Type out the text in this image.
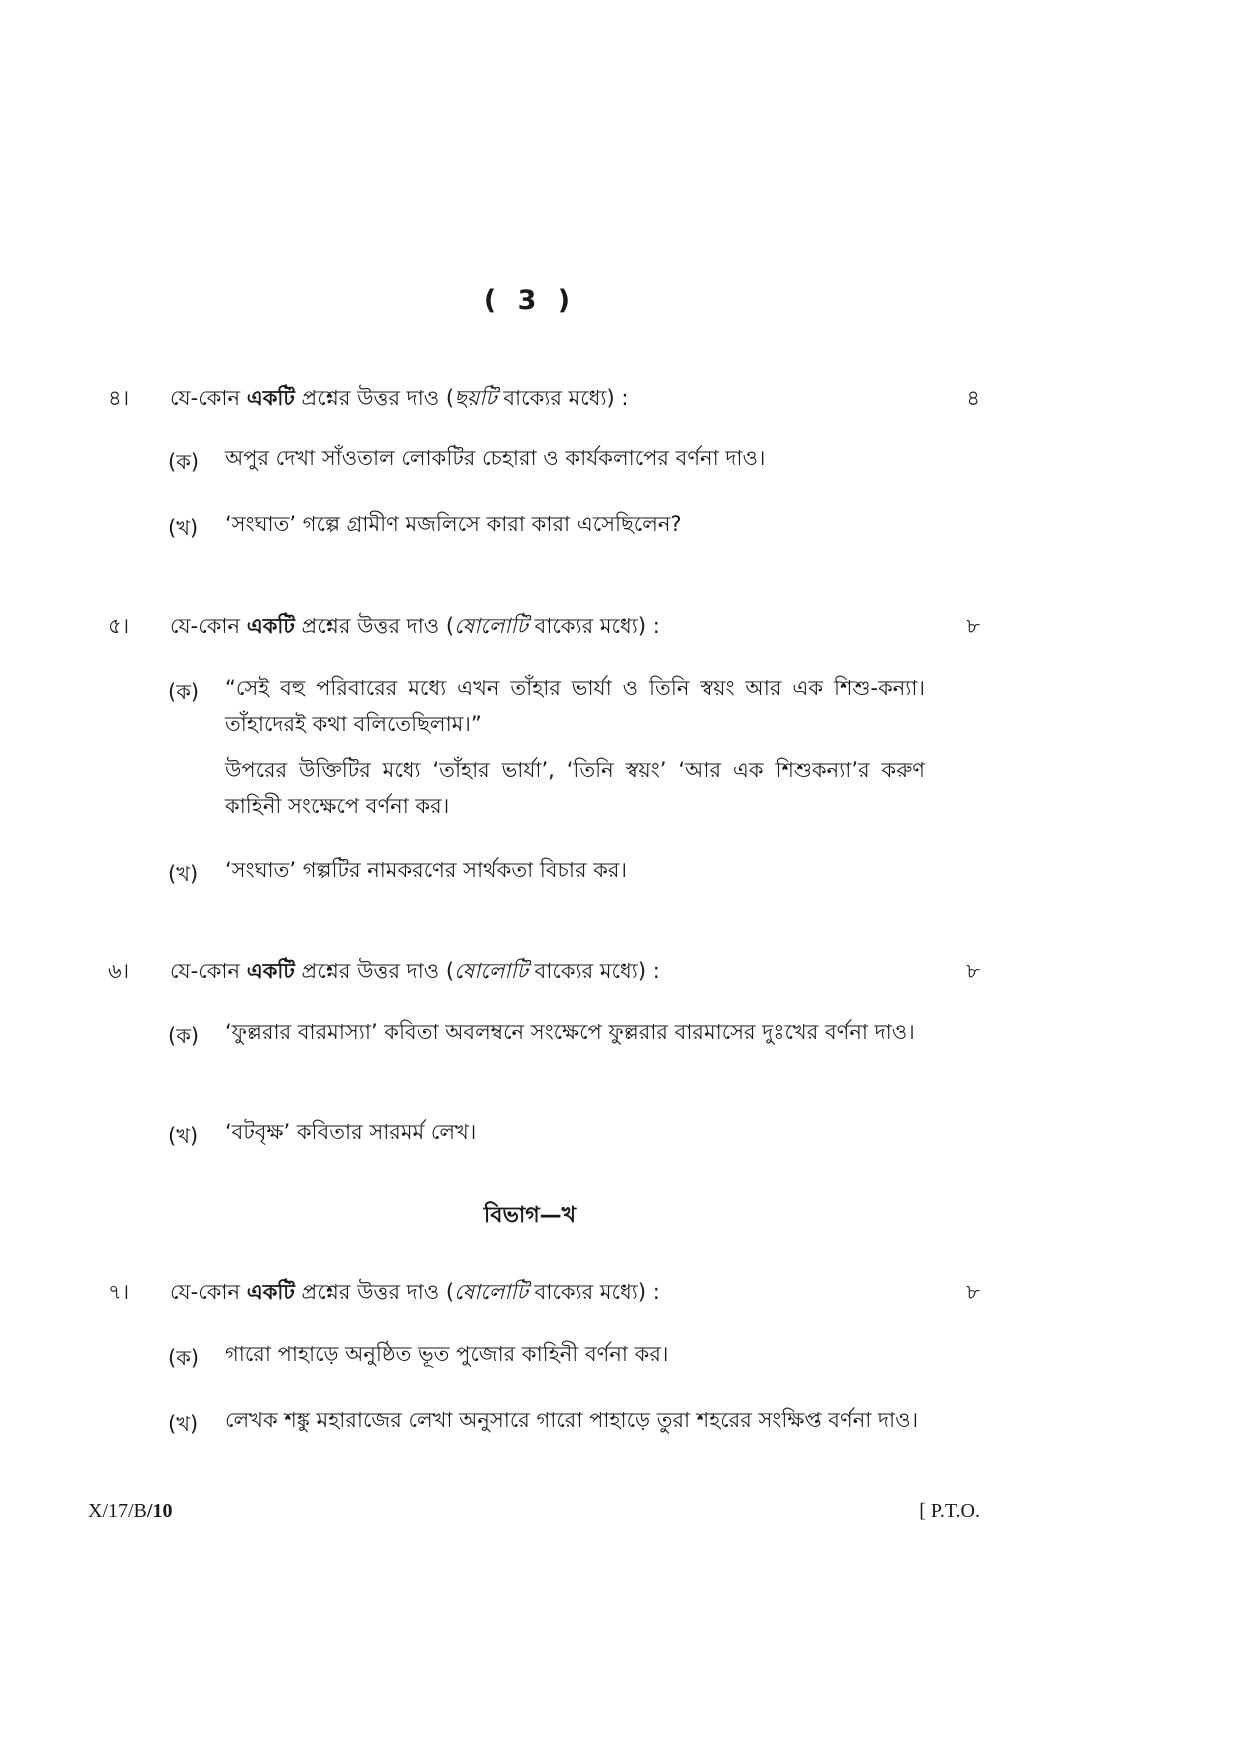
( 3 )
৪। যে-কোন একটি প্রশ্নের উত্তর দাও (ছয়টি বাক্যের মধ্যে) :	৪
(ক) অপুর দেখা সাঁওতাল লোকটির চেহারা ও কার্যকলাপের বর্ণনা দাও।
(খ) ‘সংঘাত’ গল্পে গ্রামীণ মজলিসে কারা কারা এসেছিলেন?
৫। যে-কোন একটি প্রশ্নের উত্তর দাও (ষোলোটি বাক্যের মধ্যে) :	৮
(ক) “সেই বহু পরিবারের মধ্যে এখন তাঁহার ভার্যা ও তিনি স্বয়ং আর এক শিশু-কন্যা। তাঁহাদেরই কথা বলিতেছিলাম।”
উপরের উক্তিটির মধ্যে ‘তাঁহার ভার্যা’, ‘তিনি স্বয়ং’ ‘আর এক শিশুকন্যা’র করুণ কাহিনী সংক্ষেপে বর্ণনা কর।
(খ) ‘সংঘাত’ গল্পটির নামকরণের সার্থকতা বিচার কর।
৬। যে-কোন একটি প্রশ্নের উত্তর দাও (ষোলোটি বাক্যের মধ্যে) :	৮
(ক) ‘ফুল্লরার বারমাস্যা’ কবিতা অবলম্বনে সংক্ষেপে ফুল্লরার বারমাসের দুঃখের বর্ণনা দাও।
(খ) ‘বটবৃক্ষ’ কবিতার সারমর্ম লেখ।
বিভাগ—খ
৭। যে-কোন একটি প্রশ্নের উত্তর দাও (ষোলোটি বাক্যের মধ্যে) :	৮
(ক) গারো পাহাড়ে অনুষ্ঠিত ভূত পুজোর কাহিনী বর্ণনা কর।
(খ) লেখক শঙ্কু মহারাজের লেখা অনুসারে গারো পাহাড়ে তুরা শহরের সংক্ষিপ্ত বর্ণনা দাও।
X/17/B/10	[ P.T.O.
